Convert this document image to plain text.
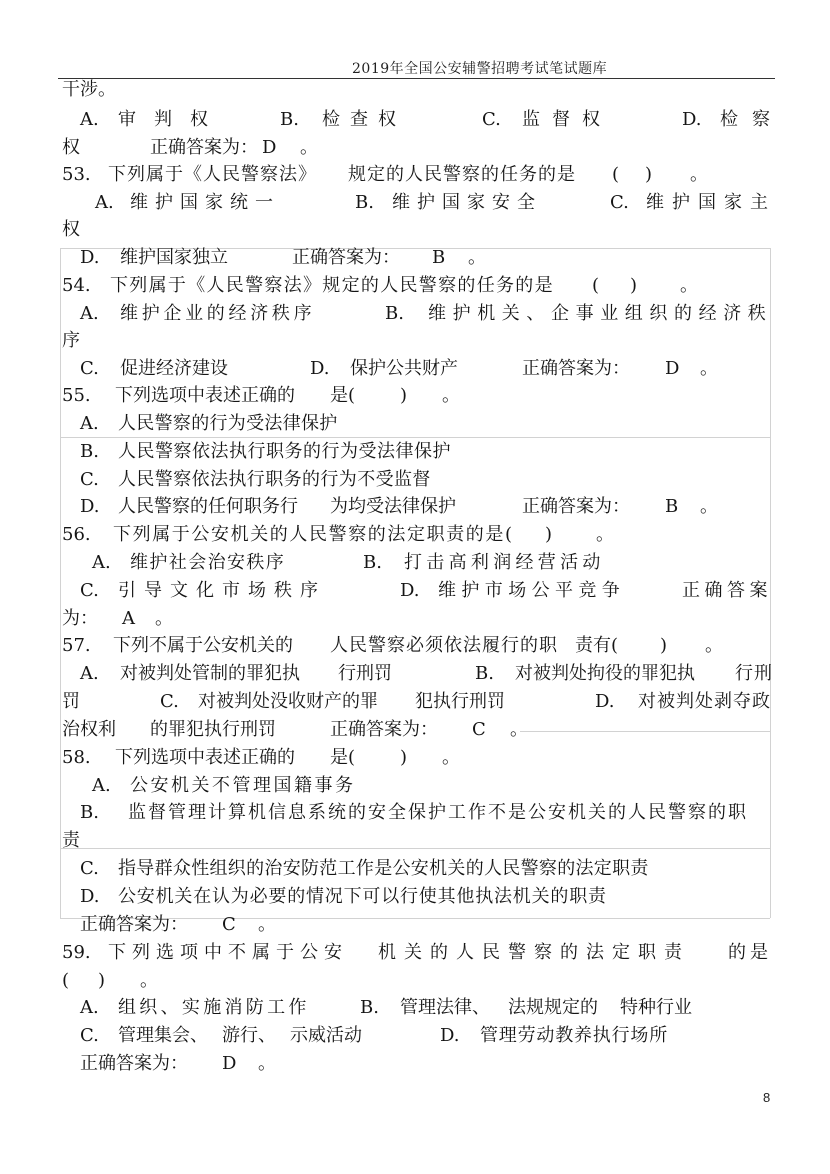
2019年全国公安辅警招聘考试笔试题库
干涉。
A. 审判权	B. 检查权	C. 监督权	D. 检察
权	正确答案为： D 。
53. 下列属于《人民警察法》 规定的人民警察的任务的是 ( ) 。
A. 维护国家统一	B. 维护国家安全	C. 维护国家主
权
D. 维护国家独立	正确答案为： B 。
54. 下列属于《人民警察法》规定的人民警察的任务的是 ( ) 。
A. 维护企业的经济秩序	B. 维护机关、企事业组织的经济秩
序
C. 促进经济建设	D. 保护公共财产	正确答案为： D 。
55. 下列选项中表述正确的 是( ) 。
A. 人民警察的行为受法律保护
B. 人民警察依法执行职务的行为受法律保护
C. 人民警察依法执行职务的行为不受监督
D. 人民警察的任何职务行 为均受法律保护	正确答案为： B 。
56. 下列属于公安机关的人民警察的法定职责的是( ) 。
A. 维护社会治安秩序	B. 打击高利润经营活动
C. 引导文化市场秩序	D. 维护市场公平竞争	正确答案
为： A 。
57. 下列不属于公安机关的 人民警察必须依法履行的职 责有( ) 。
A. 对被判处管制的罪犯执 行刑罚	B. 对被判处拘役的罪犯执 行刑
罚	C. 对被判处没收财产的罪 犯执行刑罚	D. 对被判处剥夺政
治权利 的罪犯执行刑罚	正确答案为： C 。
58. 下列选项中表述正确的 是( ) 。
A. 公安机关不管理国籍事务
B. 监督管理计算机信息系统的安全保护工作不是公安机关的人民警察的职
责
C. 指导群众性组织的治安防范工作是公安机关的人民警察的法定职责
D. 公安机关在认为必要的情况下可以行使其他执法机关的职责
正确答案为： C 。
59. 下列选项中不属于公安 机关的人民警察的法定职责 的是
( ) 。
A. 组织、实施消防工作	B. 管理法律、 法规规定的 特种行业
C. 管理集会、 游行、 示威活动	D. 管理劳动教养执行场所
正确答案为： D 。
8
